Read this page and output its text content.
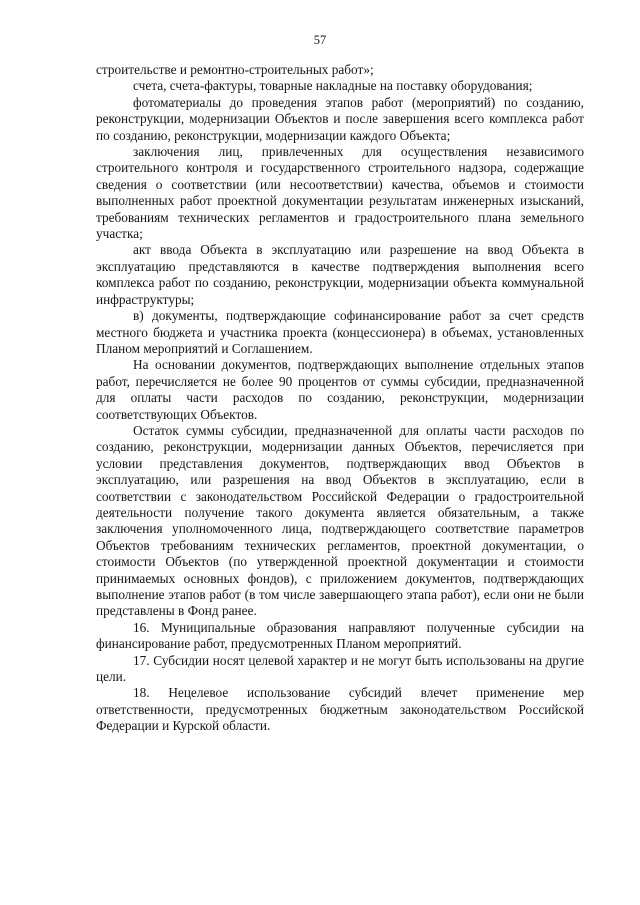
57

строительстве и ремонтно-строительных работ»;

счета, счета-фактуры, товарные накладные на поставку оборудования;

фотоматериалы до проведения этапов работ (мероприятий) по созданию, реконструкции, модернизации Объектов и после завершения всего комплекса работ по созданию, реконструкции, модернизации каждого Объекта;

заключения лиц, привлеченных для осуществления независимого строительного контроля и государственного строительного надзора, содержащие сведения о соответствии (или несоответствии) качества, объемов и стоимости выполненных работ проектной документации результатам инженерных изысканий, требованиям технических регламентов и градостроительного плана земельного участка;

акт ввода Объекта в эксплуатацию или разрешение на ввод Объекта в эксплуатацию представляются в качестве подтверждения выполнения всего комплекса работ по созданию, реконструкции, модернизации объекта коммунальной инфраструктуры;

в) документы, подтверждающие софинансирование работ за счет средств местного бюджета и участника проекта (концессионера) в объемах, установленных Планом мероприятий и Соглашением.

На основании документов, подтверждающих выполнение отдельных этапов работ, перечисляется не более 90 процентов от суммы субсидии, предназначенной для оплаты части расходов по созданию, реконструкции, модернизации соответствующих Объектов.

Остаток суммы субсидии, предназначенной для оплаты части расходов по созданию, реконструкции, модернизации данных Объектов, перечисляется при условии представления документов, подтверждающих ввод Объектов в эксплуатацию, или разрешения на ввод Объектов в эксплуатацию, если в соответствии с законодательством Российской Федерации о градостроительной деятельности получение такого документа является обязательным, а также заключения уполномоченного лица, подтверждающего соответствие параметров Объектов требованиям технических регламентов, проектной документации, о стоимости Объектов (по утвержденной проектной документации и стоимости принимаемых основных фондов), с приложением документов, подтверждающих выполнение этапов работ (в том числе завершающего этапа работ), если они не были представлены в Фонд ранее.

16. Муниципальные образования направляют полученные субсидии на финансирование работ, предусмотренных Планом мероприятий.

17. Субсидии носят целевой характер и не могут быть использованы на другие цели.

18. Нецелевое использование субсидий влечет применение мер ответственности, предусмотренных бюджетным законодательством Российской Федерации и Курской области.
